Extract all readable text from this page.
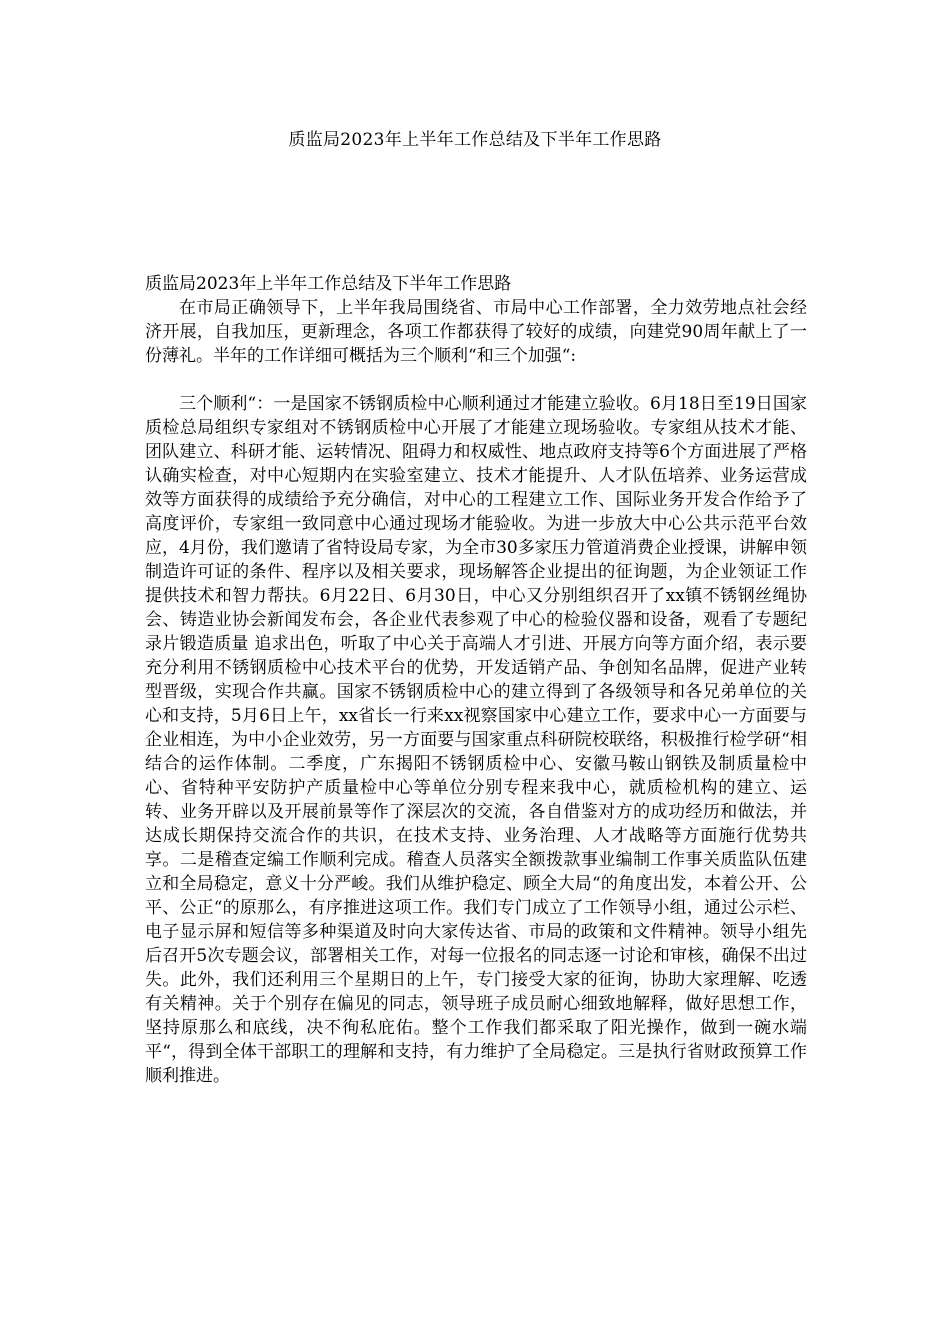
质监局2023年上半年工作总结及下半年工作思路

质监局2023年上半年工作总结及下半年工作思路

在市局正确领导下，上半年我局围绕省、市局中心工作部署，全力效劳地点社会经济开展，自我加压，更新理念，各项工作都获得了较好的成绩，向建党90周年献上了一份薄礼。半年的工作详细可概括为三个顺利“和三个加强“:

三个顺利“：一是国家不锈钢质检中心顺利通过才能建立验收。6月18日至19日国家质检总局组织专家组对不锈钢质检中心开展了才能建立现场验收。专家组从技术才能、团队建立、科研才能、运转情况、阻碍力和权威性、地点政府支持等6个方面进展了严格认确实检查，对中心短期内在实验室建立、技术才能提升、人才队伍培养、业务运营成效等方面获得的成绩给予充分确信，对中心的工程建立工作、国际业务开发合作给予了高度评价，专家组一致同意中心通过现场才能验收。为进一步放大中心公共示范平台效应，4月份，我们邀请了省特设局专家，为全市30多家压力管道消费企业授课，讲解申领制造许可证的条件、程序以及相关要求，现场解答企业提出的征询题，为企业领证工作提供技术和智力帮扶。6月22日、6月30日，中心又分别组织召开了xx镇不锈钢丝绳协会、铸造业协会新闻发布会，各企业代表参观了中心的检验仪器和设备，观看了专题纪录片锻造质量 追求出色，听取了中心关于高端人才引进、开展方向等方面介绍，表示要充分利用不锈钢质检中心技术平台的优势，开发适销产品、争创知名品牌，促进产业转型晋级，实现合作共赢。国家不锈钢质检中心的建立得到了各级领导和各兄弟单位的关心和支持，5月6日上午，xx省长一行来xx视察国家中心建立工作，要求中心一方面要与企业相连，为中小企业效劳，另一方面要与国家重点科研院校联络，积极推行检学研“相结合的运作体制。二季度，广东揭阳不锈钢质检中心、安徽马鞍山钢铁及制质量检中心、省特种平安防护产质量检中心等单位分别专程来我中心，就质检机构的建立、运转、业务开辟以及开展前景等作了深层次的交流，各自借鉴对方的成功经历和做法，并达成长期保持交流合作的共识，在技术支持、业务治理、人才战略等方面施行优势共享。二是稽查定编工作顺利完成。稽查人员落实全额拨款事业编制工作事关质监队伍建立和全局稳定，意义十分严峻。我们从维护稳定、顾全大局“的角度出发，本着公开、公平、公正“的原那么，有序推进这项工作。我们专门成立了工作领导小组，通过公示栏、电子显示屏和短信等多种渠道及时向大家传达省、市局的政策和文件精神。领导小组先后召开5次专题会议，部署相关工作，对每一位报名的同志逐一讨论和审核，确保不出过失。此外，我们还利用三个星期日的上午，专门接受大家的征询，协助大家理解、吃透有关精神。关于个别存在偏见的同志，领导班子成员耐心细致地解释，做好思想工作，坚持原那么和底线，决不徇私庇佑。整个工作我们都采取了阳光操作，做到一碗水端平“，得到全体干部职工的理解和支持，有力维护了全局稳定。三是执行省财政预算工作顺利推进。
